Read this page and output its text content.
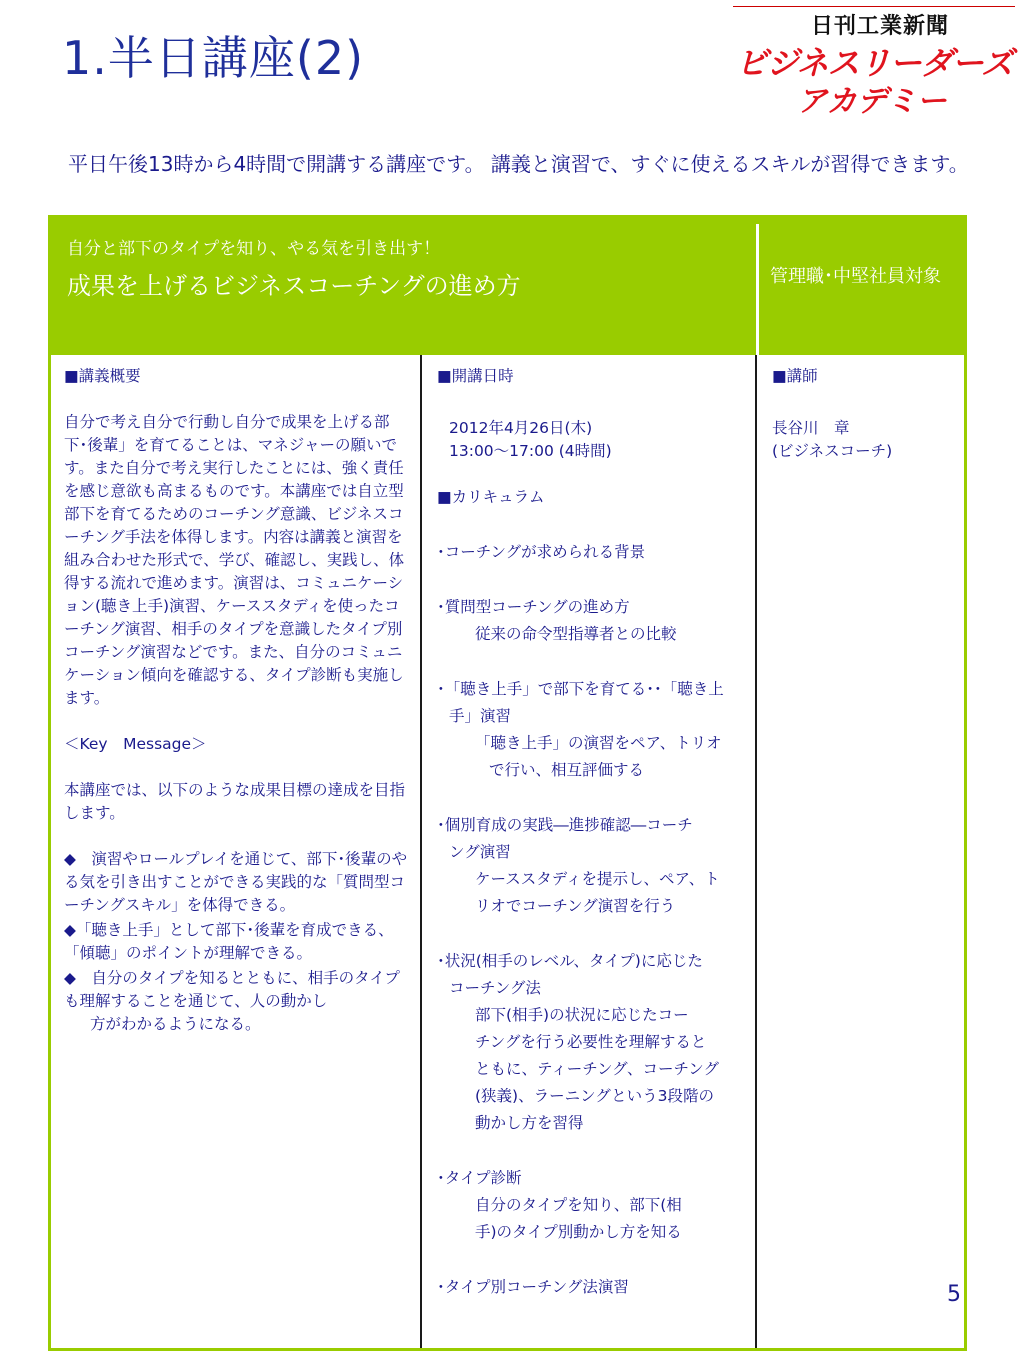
1.半日講座(2)
日刊工業新聞
ビジネスリーダーズ
アカデミー
平日午後13時から4時間で開講する講座です。 講義と演習で、すぐに使えるスキルが習得できます。
自分と部下のタイプを知り、やる気を引き出す！
成果を上げるビジネスコーチングの進め方	管理職･中堅社員対象

■講義概要

自分で考え自分で行動し自分で成果を上げる部下･後輩」を育てることは、マネジャーの願いです。また自分で考え実行したことには、強く責任を感じ意欲も高まるものです。本講座では自立型部下を育てるためのコーチング意識、ビジネスコーチング手法を体得します。内容は講義と演習を組み合わせた形式で、学び、確認し、実践し、体得する流れで進めます。演習は、コミュニケーション(聴き上手)演習、ケーススタディを使ったコーチング演習、相手のタイプを意識したタイプ別コーチング演習などです。また、自分のコミュニケーション傾向を確認する、タイプ診断も実施します。

＜Key　Message＞

本講座では、以下のような成果目標の達成を目指します。

◆　演習やロールプレイを通じて、部下･後輩のやる気を引き出すことができる実践的な「質問型コーチングスキル」を体得できる。

◆「聴き上手」として部下･後輩を育成できる、「傾聴」のポイントが理解できる。

◆　自分のタイプを知るとともに、相手のタイプも理解することを通じて、人の動かし

方がわかるようになる。

■開講日時

2012年4月26日(木)

13:00～17:00 (4時間)

■カリキュラム

･コーチングが求められる背景

･質問型コーチングの進め方

従来の命令型指導者との比較

･「聴き上手」で部下を育てる･･「聴き上

手」演習

「聴き上手」の演習をペア、トリオ

で行い、相互評価する

･個別育成の実践―進捗確認―コーチ

ング演習

ケーススタディを提示し、ペア、ト

リオでコーチング演習を行う

･状況(相手のレベル、タイプ)に応じた

コーチング法

部下(相手)の状況に応じたコー

チングを行う必要性を理解すると

ともに、ティーチング、コーチング

(狭義)、ラーニングという3段階の

動かし方を習得

･タイプ診断

自分のタイプを知り、部下(相

手)のタイプ別動かし方を知る

･タイプ別コーチング法演習

■講師

長谷川　章

(ビジネスコーチ)

5
